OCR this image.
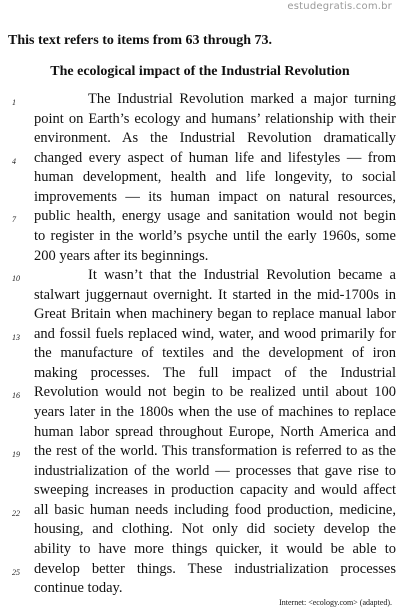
estudegratis.com.br
This text refers to items from 63 through 73.
The ecological impact of the Industrial Revolution
1	The Industrial Revolution marked a major turning
point on Earth’s ecology and humans’ relationship with their
environment. As the Industrial Revolution dramatically
4	changed every aspect of human life and lifestyles — from
human development, health and life longevity, to social
improvements — its human impact on natural resources,
7	public health, energy usage and sanitation would not begin
to register in the world’s psyche until the early 1960s, some
200 years after its beginnings.
10	It wasn’t that the Industrial Revolution became a
stalwart juggernaut overnight. It started in the mid-1700s in
Great Britain when machinery began to replace manual labor
13 and fossil fuels replaced wind, water, and wood primarily for
the manufacture of textiles and the development of iron
making processes. The full impact of the Industrial
16 Revolution would not begin to be realized until about 100
years later in the 1800s when the use of machines to replace
human labor spread throughout Europe, North America and
19 the rest of the world. This transformation is referred to as the
industrialization of the world — processes that gave rise to
sweeping increases in production capacity and would affect
22 all basic human needs including food production, medicine,
housing, and clothing. Not only did society develop the
ability to have more things quicker, it would be able to
25 develop better things. These industrialization processes
continue today.
Internet: <ecology.com> (adapted).
